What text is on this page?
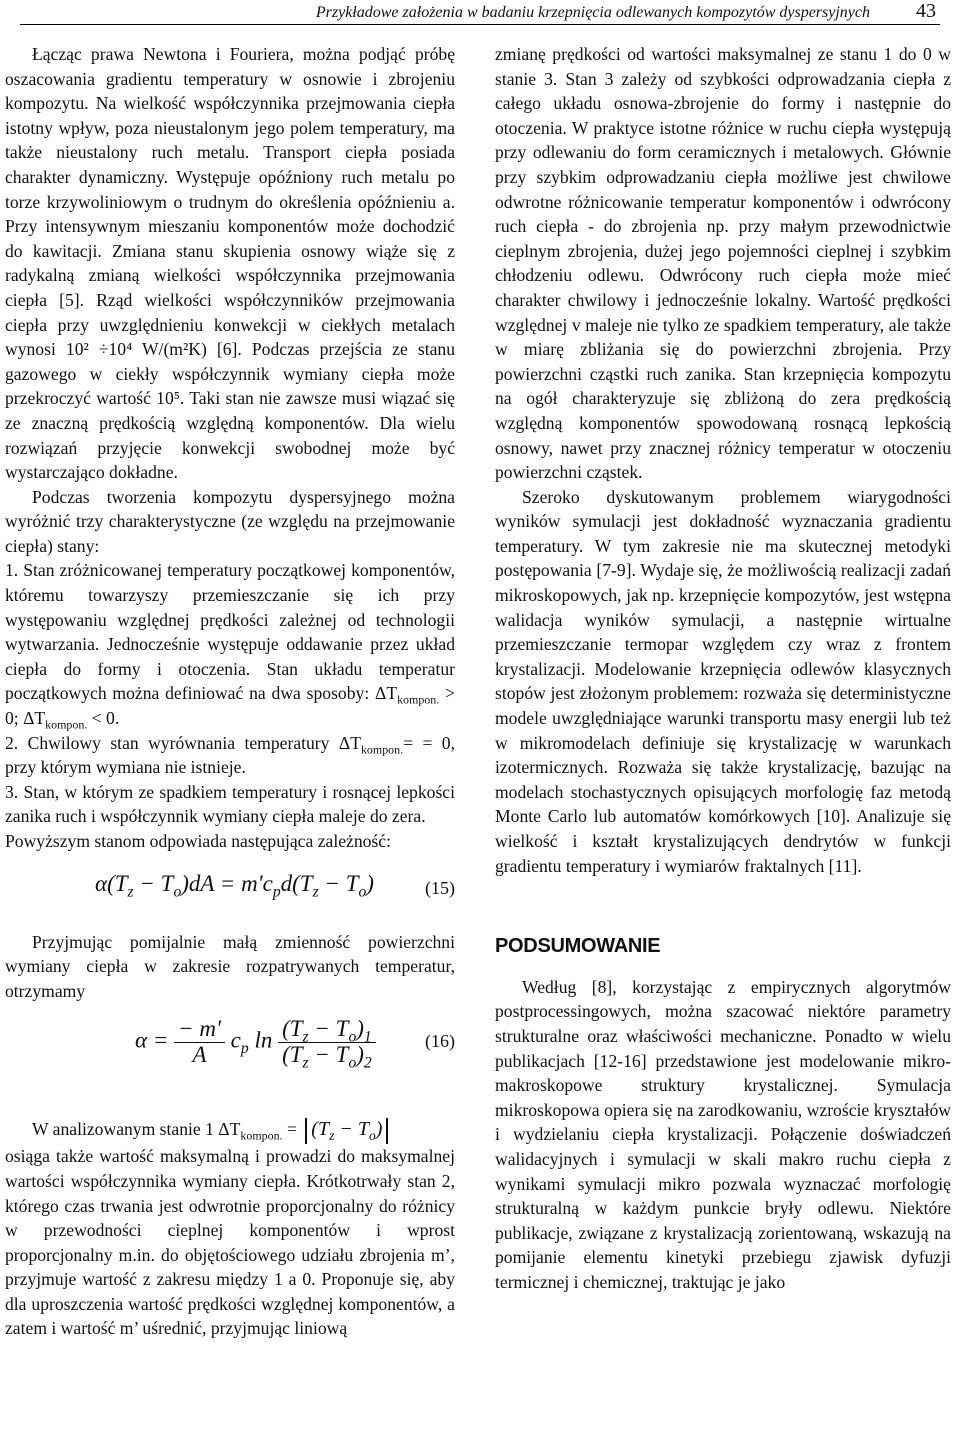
Przykładowe założenia w badaniu krzepnięcia odlewanych kompozytów dyspersyjnych 43

Łącząc prawa Newtona i Fouriera, można podjąć próbę oszacowania gradientu temperatury w osnowie i zbrojeniu kompozytu. Na wielkość współczynnika przejmowania ciepła istotny wpływ, poza nieustalonym jego polem temperatury, ma także nieustalony ruch metalu. Transport ciepła posiada charakter dynamiczny. Występuje opóźniony ruch metalu po torze krzywoliniowym o trudnym do określenia opóźnieniu a. Przy intensywnym mieszaniu komponentów może dochodzić do kawitacji. Zmiana stanu skupienia osnowy wiąże się z radykalną zmianą wielkości współczynnika przejmowania ciepła [5]. Rząd wielkości współczynników przejmowania ciepła przy uwzględnieniu konwekcji w ciekłych metalach wynosi 10² ÷10⁴ W/(m²K) [6]. Podczas przejścia ze stanu gazowego w ciekły współczynnik wymiany ciepła może przekroczyć wartość 10⁵. Taki stan nie zawsze musi wiązać się ze znaczną prędkością względną komponentów. Dla wielu rozwiązań przyjęcie konwekcji swobodnej może być wystarczająco dokładne.

Podczas tworzenia kompozytu dyspersyjnego można wyróżnić trzy charakterystyczne (ze względu na przejmowanie ciepła) stany:

1. Stan zróżnicowanej temperatury początkowej komponentów, któremu towarzyszy przemieszczanie się ich przy występowaniu względnej prędkości zależnej od technologii wytwarzania. Jednocześnie występuje oddawanie przez układ ciepła do formy i otoczenia. Stan układu temperatur początkowych można definiować na dwa sposoby: $\Delta T_{kompon.} > 0$; $\Delta T_{kompon.} < 0$.

2. Chwilowy stan wyrównania temperatury $\Delta T_{kompon.}= = 0$, przy którym wymiana nie istnieje.

3. Stan, w którym ze spadkiem temperatury i rosnącej lepkości zanika ruch i współczynnik wymiany ciepła maleje do zera.

Powyższym stanom odpowiada następująca zależność:

$\alpha(T_z - T_o)dA = m'c_pd(T_z - T_o)$	(15)

Przyjmując pomijalnie małą zmienność powierzchni wymiany ciepła w zakresie rozpatrywanych temperatur, otrzymamy

$\alpha = \frac{- m'}{A} c_p$ $\ln \frac{(T_z - T_o)_1}{(T_z - T_o)_2}$	(16)

W analizowanym stanie 1 $\Delta T_{kompon.} = (T_z - T_o)$

osiąga także wartość maksymalną i prowadzi do maksymalnej wartości współczynnika wymiany ciepła. Krótkotrwały stan 2, którego czas trwania jest odwrotnie proporcjonalny do różnicy w przewodności cieplnej komponentów i wprost proporcjonalny m.in. do objętościowego udziału zbrojenia m’, przyjmuje wartość z zakresu między 1 a 0. Proponuje się, aby dla uproszczenia wartość prędkości względnej komponentów, a zatem i wartość m’ uśrednić, przyjmując liniową

zmianę prędkości od wartości maksymalnej ze stanu 1 do 0 w stanie 3. Stan 3 zależy od szybkości odprowadzania ciepła z całego układu osnowa-zbrojenie do formy i następnie do otoczenia. W praktyce istotne różnice w ruchu ciepła występują przy odlewaniu do form ceramicznych i metalowych. Głównie przy szybkim odprowadzaniu ciepła możliwe jest chwilowe odwrotne różnicowanie temperatur komponentów i odwrócony ruch ciepła - do zbrojenia np. przy małym przewodnictwie cieplnym zbrojenia, dużej jego pojemności cieplnej i szybkim chłodzeniu odlewu. Odwrócony ruch ciepła może mieć charakter chwilowy i jednocześnie lokalny. Wartość prędkości względnej v maleje nie tylko ze spadkiem temperatury, ale także w miarę zbliżania się do powierzchni zbrojenia. Przy powierzchni cząstki ruch zanika. Stan krzepnięcia kompozytu na ogół charakteryzuje się zbliżoną do zera prędkością względną komponentów spowodowaną rosnącą lepkością osnowy, nawet przy znacznej różnicy temperatur w otoczeniu powierzchni cząstek.

Szeroko dyskutowanym problemem wiarygodności wyników symulacji jest dokładność wyznaczania gradientu temperatury. W tym zakresie nie ma skutecznej metodyki postępowania [7-9]. Wydaje się, że możliwością realizacji zadań mikroskopowych, jak np. krzepnięcie kompozytów, jest wstępna walidacja wyników symulacji, a następnie wirtualne przemieszczanie termopar względem czy wraz z frontem krystalizacji. Modelowanie krzepnięcia odlewów klasycznych stopów jest złożonym problemem: rozważa się deterministyczne modele uwzględniające warunki transportu masy energii lub też w mikromodelach definiuje się krystalizację w warunkach izotermicznych. Rozważa się także krystalizację, bazując na modelach stochastycznych opisujących morfologię faz metodą Monte Carlo lub automatów komórkowych [10]. Analizuje się wielkość i kształt krystalizujących dendrytów w funkcji gradientu temperatury i wymiarów fraktalnych [11].

PODSUMOWANIE

Według [8], korzystając z empirycznych algorytmów postprocessingowych, można szacować niektóre parametry strukturalne oraz właściwości mechaniczne. Ponadto w wielu publikacjach [12-16] przedstawione jest modelowanie mikro-makroskopowe struktury krystalicznej. Symulacja mikroskopowa opiera się na zarodkowaniu, wzroście kryształów i wydzielaniu ciepła krystalizacji. Połączenie doświadczeń walidacyjnych i symulacji w skali makro ruchu ciepła z wynikami symulacji mikro pozwala wyznaczać morfologię strukturalną w każdym punkcie bryły odlewu. Niektóre publikacje, związane z krystalizacją zorientowaną, wskazują na pomijanie elementu kinetyki przebiegu zjawisk dyfuzji termicznej i chemicznej, traktując je jako
